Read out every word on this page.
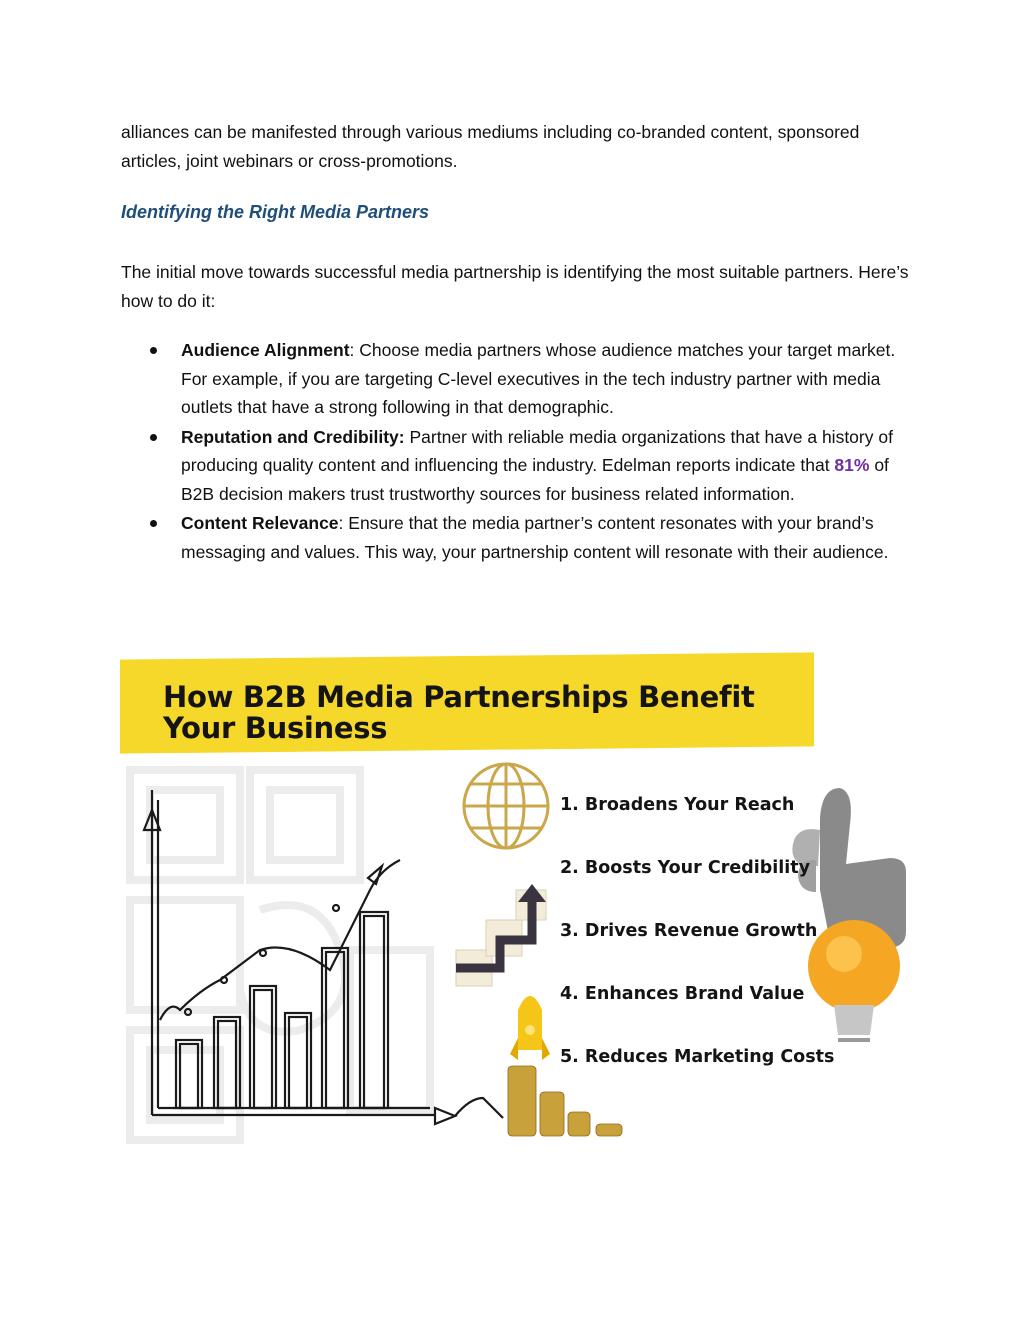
alliances can be manifested through various mediums including co-branded content, sponsored articles, joint webinars or cross-promotions.

Identifying the Right Media Partners

The initial move towards successful media partnership is identifying the most suitable partners. Here’s how to do it:

Audience Alignment: Choose media partners whose audience matches your target market. For example, if you are targeting C-level executives in the tech industry partner with media outlets that have a strong following in that demographic.
Reputation and Credibility: Partner with reliable media organizations that have a history of producing quality content and influencing the industry. Edelman reports indicate that 81% of B2B decision makers trust trustworthy sources for business related information.
Content Relevance: Ensure that the media partner’s content resonates with your brand’s messaging and values. This way, your partnership content will resonate with their audience.
How B2B Media Partnerships Benefit
Your Business
1. Broadens Your Reach
2. Boosts Your Credibility
3. Drives Revenue Growth
4. Enhances Brand Value
5. Reduces Marketing Costs
